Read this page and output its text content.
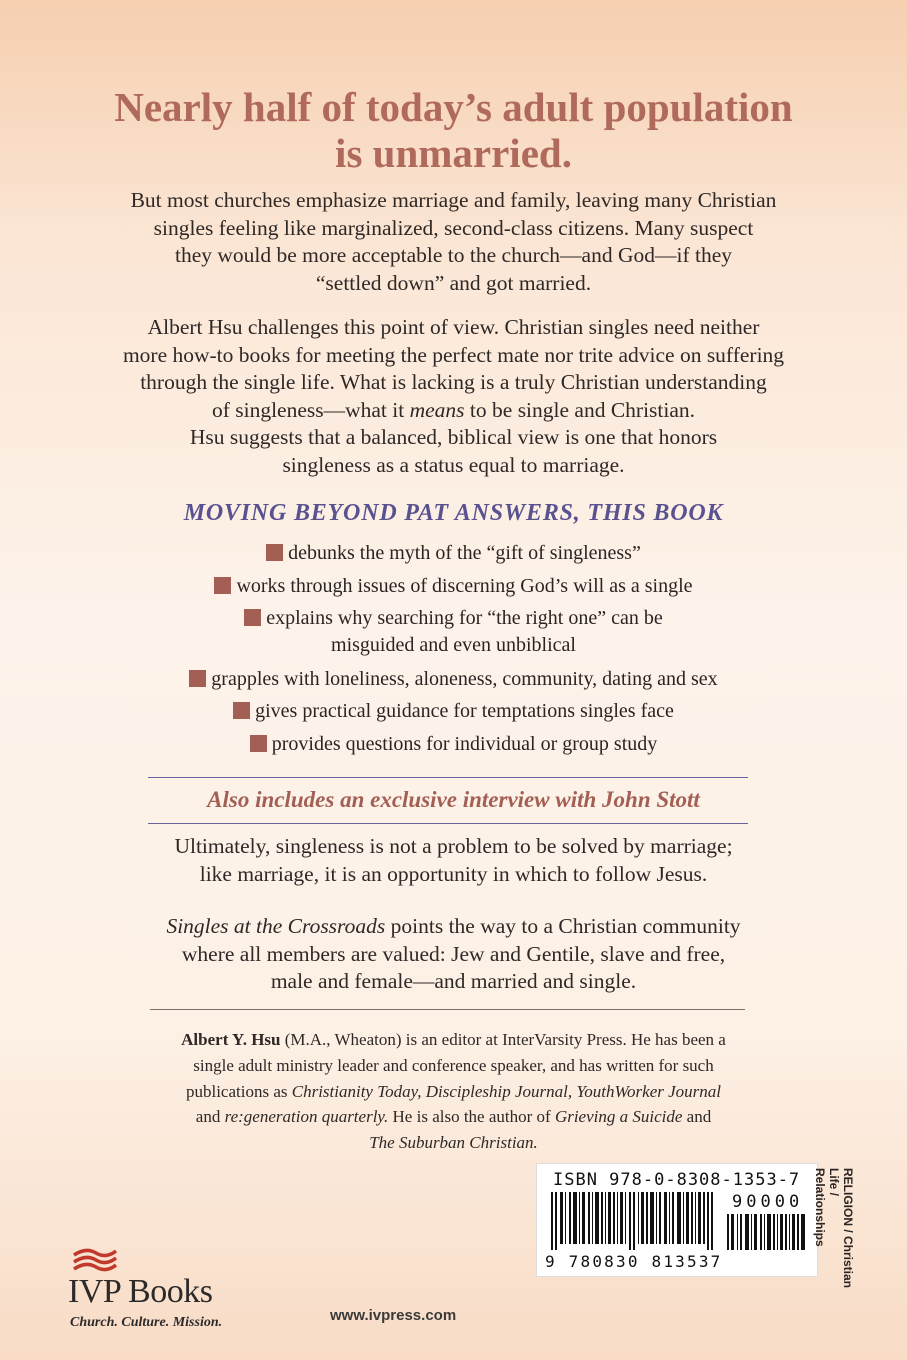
Nearly half of today’s adult population
is unmarried.

But most churches emphasize marriage and family, leaving many Christian
singles feeling like marginalized, second-class citizens. Many suspect
they would be more acceptable to the church—and God—if they
“settled down” and got married.

Albert Hsu challenges this point of view. Christian singles need neither
more how-to books for meeting the perfect mate nor trite advice on suffering
through the single life. What is lacking is a truly Christian understanding
of singleness—what it means to be single and Christian.
Hsu suggests that a balanced, biblical view is one that honors
singleness as a status equal to marriage.

MOVING BEYOND PAT ANSWERS, THIS BOOK
debunks the myth of the “gift of singleness”
works through issues of discerning God’s will as a single
explains why searching for “the right one” can be
misguided and even unbiblical
grapples with loneliness, aloneness, community, dating and sex
gives practical guidance for temptations singles face
provides questions for individual or group study

Also includes an exclusive interview with John Stott

Ultimately, singleness is not a problem to be solved by marriage;
like marriage, it is an opportunity in which to follow Jesus.

Singles at the Crossroads points the way to a Christian community
where all members are valued: Jew and Gentile, slave and free,
male and female—and married and single.

Albert Y. Hsu (M.A., Wheaton) is an editor at InterVarsity Press. He has been a
single adult ministry leader and conference speaker, and has written for such
publications as Christianity Today, Discipleship Journal, YouthWorker Journal
and re:generation quarterly. He is also the author of Grieving a Suicide and
The Suburban Christian.

ISBN 978-0-8308-1353-7
90000
9 780830 813537	RELIGION / Christian Life /
Relationships
IVP Books
Church. Culture. Mission.	www.ivpress.com
